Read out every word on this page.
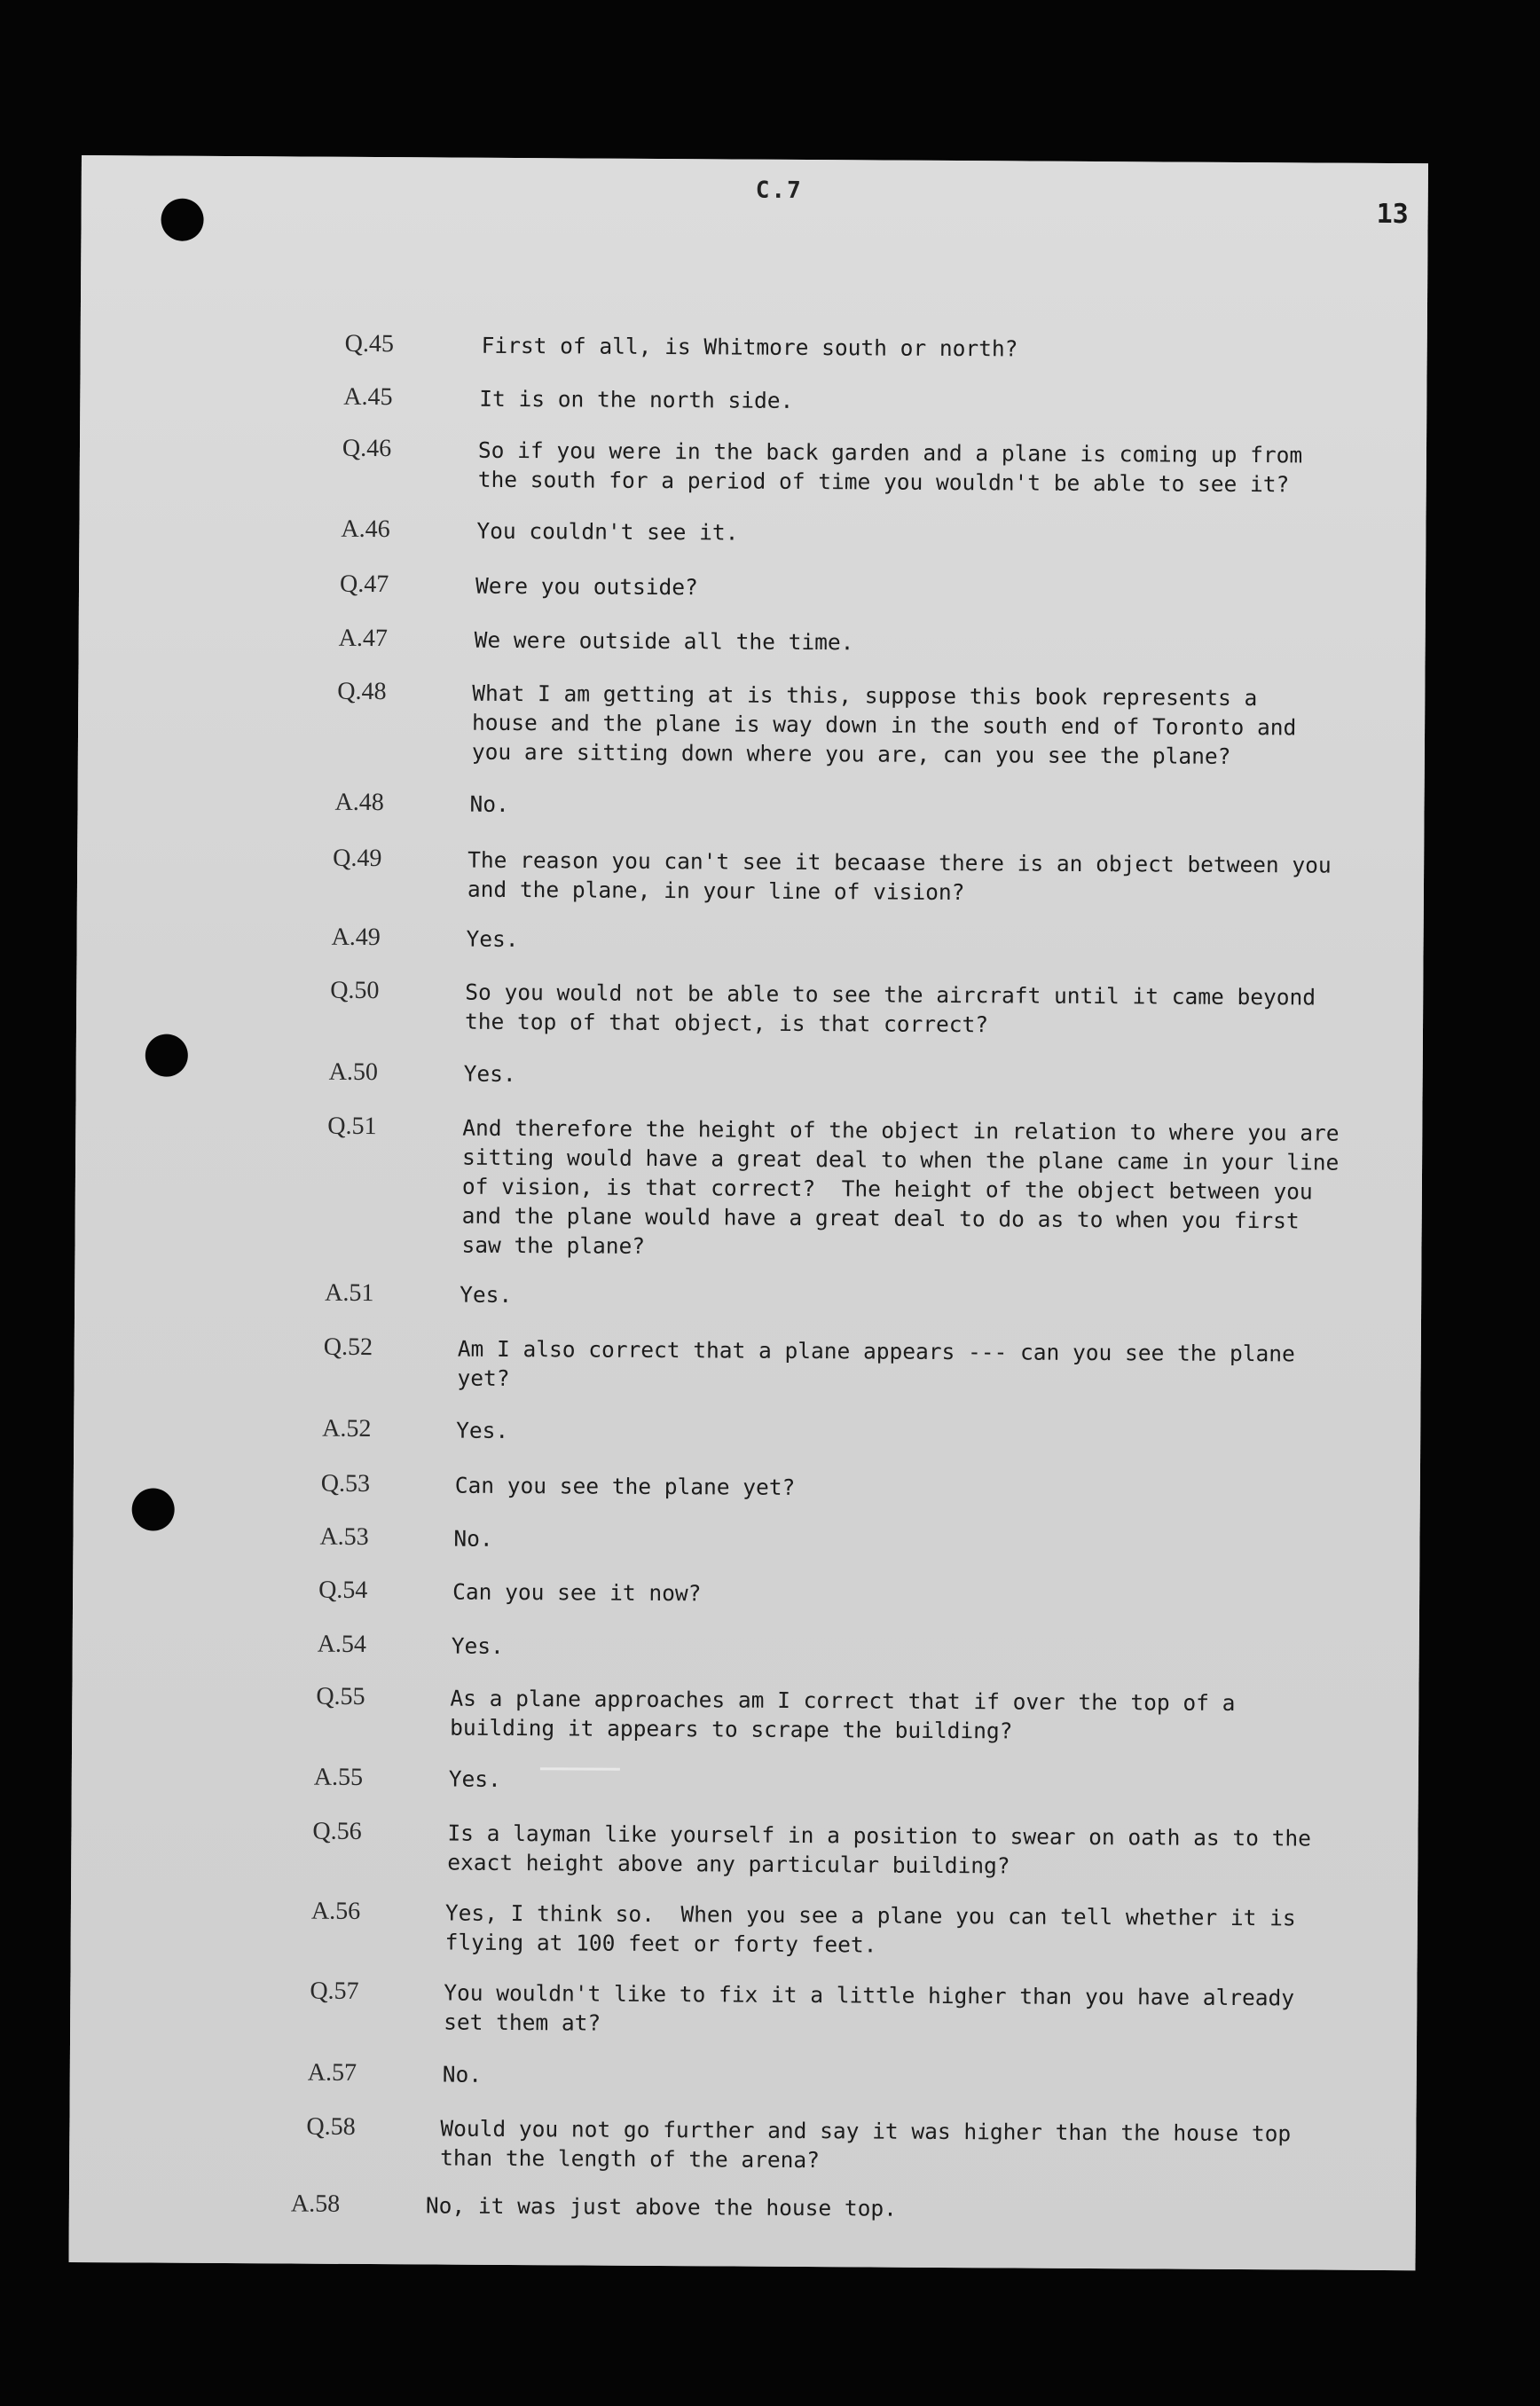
C.7
13
Q.45	First of all, is Whitmore south or north?
A.45	It is on the north side.
Q.46	So if you were in the back garden and a plane is coming up from
the south for a period of time you wouldn't be able to see it?
A.46	You couldn't see it.
Q.47	Were you outside?
A.47	We were outside all the time.
Q.48	What I am getting at is this, suppose this book represents a
house and the plane is way down in the south end of Toronto and
you are sitting down where you are, can you see the plane?
A.48	No.
Q.49	The reason you can't see it becaase there is an object between you
and the plane, in your line of vision?
A.49	Yes.
Q.50	So you would not be able to see the aircraft until it came beyond
the top of that object, is that correct?
A.50	Yes.
Q.51	And therefore the height of the object in relation to where you are
sitting would have a great deal to when the plane came in your line
of vision, is that correct?  The height of the object between you
and the plane would have a great deal to do as to when you first
saw the plane?
A.51	Yes.
Q.52	Am I also correct that a plane appears --- can you see the plane
yet?
A.52	Yes.
Q.53	Can you see the plane yet?
A.53	No.
Q.54	Can you see it now?
A.54	Yes.
Q.55	As a plane approaches am I correct that if over the top of a
building it appears to scrape the building?
A.55	Yes.
Q.56	Is a layman like yourself in a position to swear on oath as to the
exact height above any particular building?
A.56	Yes, I think so.  When you see a plane you can tell whether it is
flying at 100 feet or forty feet.
Q.57	You wouldn't like to fix it a little higher than you have already
set them at?
A.57	No.
Q.58	Would you not go further and say it was higher than the house top
than the length of the arena?
A.58	No, it was just above the house top.
